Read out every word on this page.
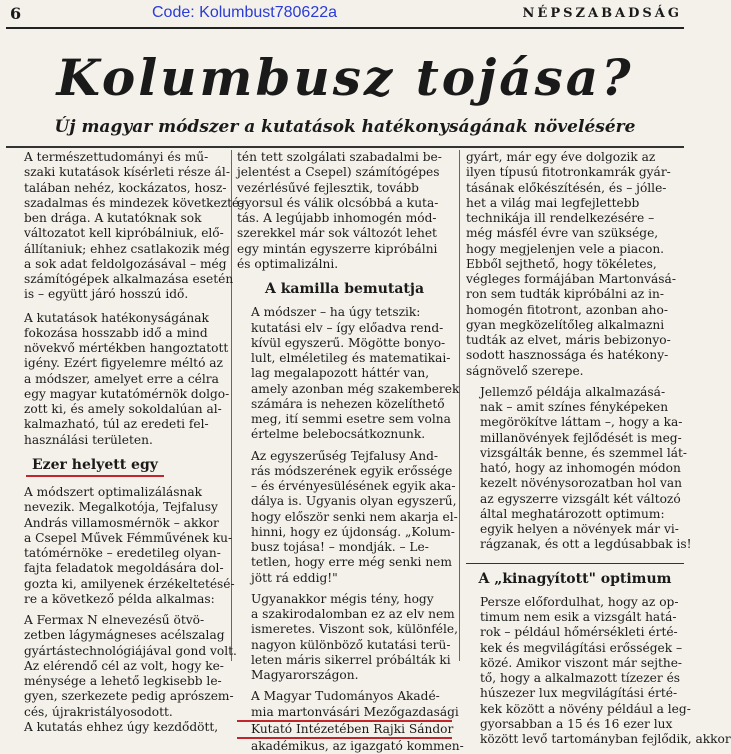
6	Code: Kolumbust780622a	NÉPSZABADSÁG
Kolumbusz tojása?
Új magyar módszer a kutatások hatékonyságának növelésére

A természettudományi és mű-
szaki kutatások kísérleti része ál-
talában nehéz, kockázatos, hosz-
szadalmas és mindezek következté-
ben drága. A kutatóknak sok
változatot kell kipróbálniuk, elő-
állítaniuk; ehhez csatlakozik még
a sok adat feldolgozásával – még
számítógépek alkalmazása esetén
is – együtt járó hosszú idő.

A kutatások hatékonyságának
fokozása hosszabb idő a mind
növekvő mértékben hangoztatott
igény. Ezért figyelemre méltó az
a módszer, amelyet erre a célra
egy magyar kutatómérnök dolgo-
zott ki, és amely sokoldalúan al-
kalmazható, túl az eredeti fel-
használási területen.

Ezer helyett egy

A módszert optimalizálásnak
nevezik. Megalkotója, Tejfalusy
András villamosmérnök – akkor
a Csepel Művek Fémművének ku-
tatómérnöke – eredetileg olyan-
fajta feladatok megoldására dol-
gozta ki, amilyenek érzékeltetésé-
re a következő példa alkalmas:

A Fermax N elnevezésű ötvö-
zetben lágymágneses acélszalag
gyártástechnológiájával gond volt.
Az elérendő cél az volt, hogy ke-
ménysége a lehető legkisebb le-
gyen, szerkezete pedig aprószem-
cés, újrakristályosodott.
A kutatás ehhez úgy kezdődött,

tén tett szolgálati szabadalmi be-
jelentést a Csepel) számítógépes
vezérlésűvé fejlesztik, tovább
gyorsul és válik olcsóbbá a kuta-
tás. A legújabb inhomogén mód-
szerekkel már sok változót lehet
egy mintán egyszerre kipróbálni
és optimalizálni.

A kamilla bemutatja

A módszer – ha úgy tetszik:
kutatási elv – így előadva rend-
kívül egyszerű. Mögötte bonyo-
lult, elméletileg és matematikai-
lag megalapozott háttér van,
amely azonban még szakemberek
számára is nehezen közelíthető
meg, ití semmi esetre sem volna
értelme belebocsátkoznunk.

Az egyszerűség Tejfalusy And-
rás módszerének egyik erőssége
– és érvényesülésének egyik aka-
dálya is. Ugyanis olyan egyszerű,
hogy először senki nem akarja el-
hinni, hogy ez újdonság. „Kolum-
busz tojása! – mondják. – Le-
tetlen, hogy erre még senki nem
jött rá eddig!"

Ugyanakkor mégis tény, hogy
a szakirodalomban ez az elv nem
ismeretes. Viszont sok, különféle,
nagyon különböző kutatási terü-
leten máris sikerrel próbálták ki
Magyarországon.

A Magyar Tudományos Akadé-
mia martonvásári Mezőgazdasági
Kutató Intézetében Rajki Sándor
akadémikus, az igazgató kommen-

gyárt, már egy éve dolgozik az
ilyen típusú fitotronkamrák gyár-
tásának előkészítésén, és – jólle-
het a világ mai legfejlettebb
technikája ill rendelkezésére –
még másfél évre van szüksége,
hogy megjelenjen vele a piacon.
Ebből sejthető, hogy tökéletes,
végleges formájában Martonvásá-
ron sem tudták kipróbálni az in-
homogén fitotront, azonban aho-
gyan megközelítőleg alkalmazni
tudták az elvet, máris bebizonyo-
sodott hasznossága és hatékony-
ságnövelő szerepe.

Jellemző példája alkalmazásá-
nak – amit színes fényképeken
megörökítve láttam –, hogy a ka-
millanövények fejlődését is meg-
vizsgálták benne, és szemmel lát-
ható, hogy az inhomogén módon
kezelt növénysorozatban hol van
az egyszerre vizsgált két változó
által meghatározott optimum:
egyik helyen a növények már vi-
rágzanak, és ott a legdúsabbak is!

A „kinagyított" optimum

Persze előfordulhat, hogy az op-
timum nem esik a vizsgált hatá-
rok – például hőmérsékleti érté-
kek és megvilágítási erősségek –
közé. Amikor viszont már sejthe-
tő, hogy a alkalmazott tízezer és
húszezer lux megvilágítási érté-
kek között a növény például a leg-
gyorsabban a 15 és 16 ezer lux
között levő tartományban fejlődik, akkor
